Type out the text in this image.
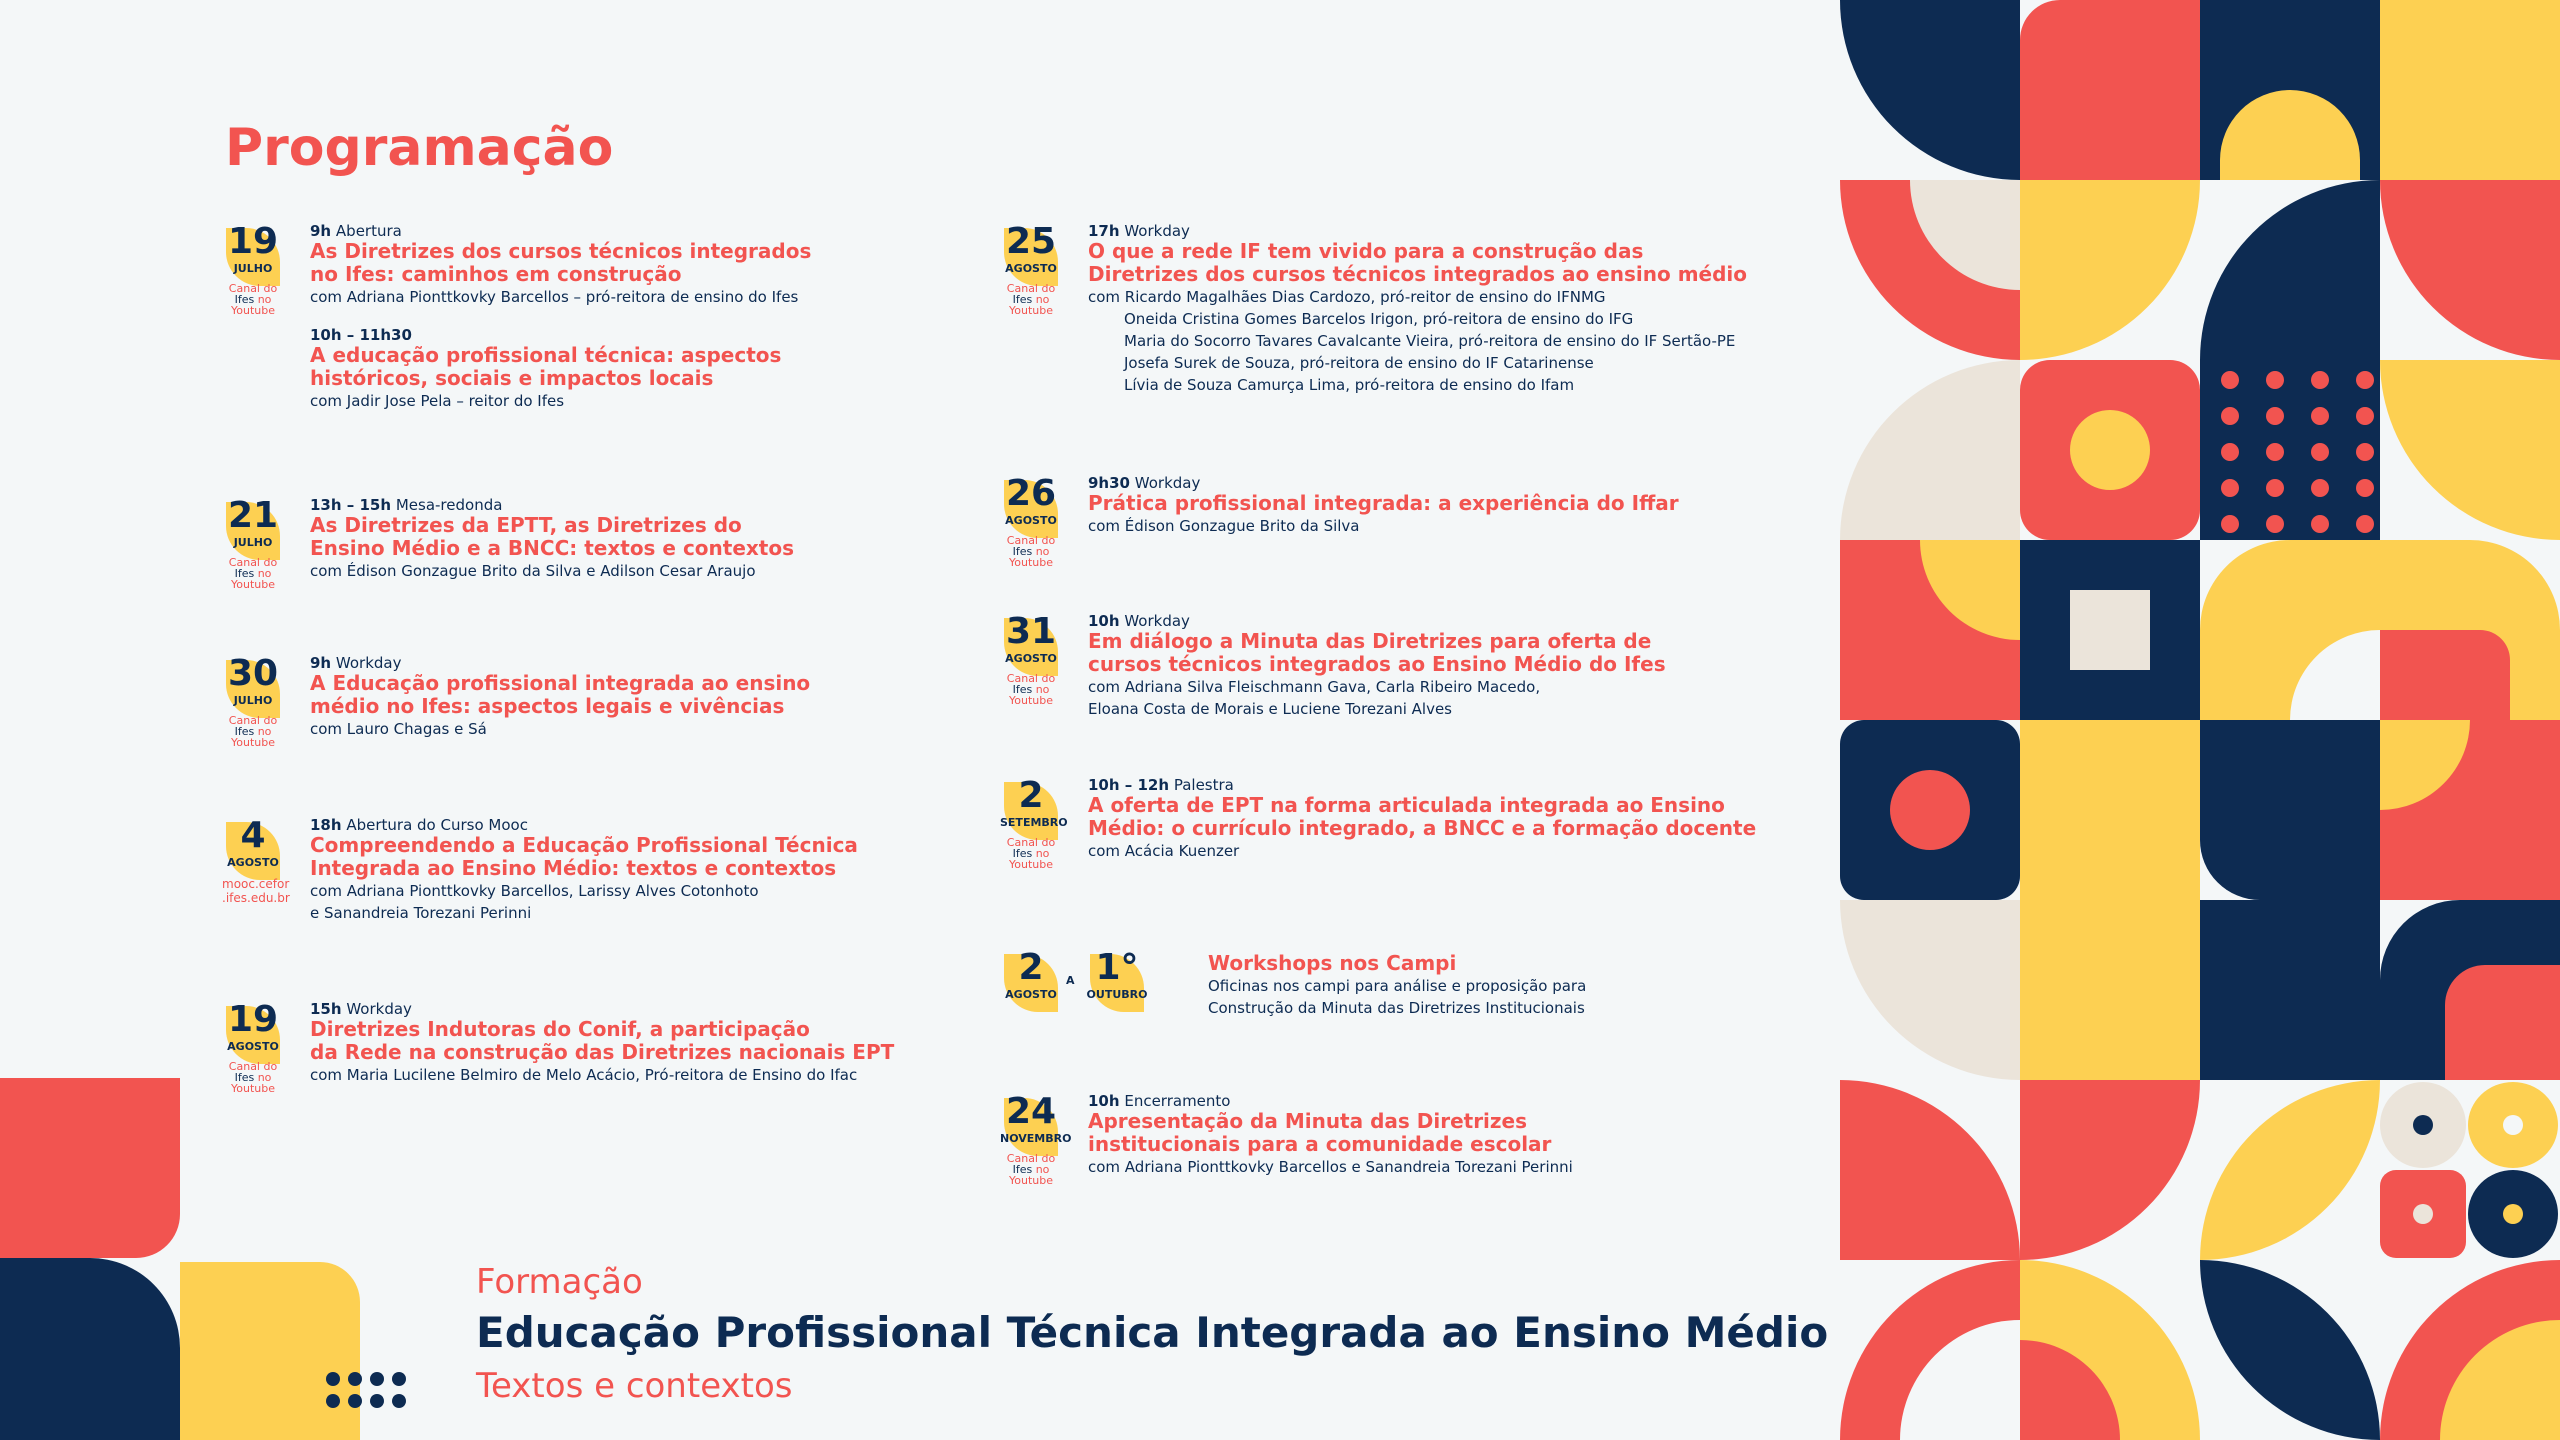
Programação
19
JULHO
Canal do
Ifes no
Youtube
9h Abertura
As Diretrizes dos cursos técnicos integrados
no Ifes: caminhos em construção
com Adriana Pionttkovky Barcellos – pró-reitora de ensino do Ifes
10h – 11h30
A educação profissional técnica: aspectos
históricos, sociais e impactos locais
com Jadir Jose Pela – reitor do Ifes
21
JULHO
Canal do
Ifes no
Youtube
13h – 15h Mesa-redonda
As Diretrizes da EPTT, as Diretrizes do
Ensino Médio e a BNCC: textos e contextos
com Édison Gonzague Brito da Silva e Adilson Cesar Araujo
30
JULHO
Canal do
Ifes no
Youtube
9h Workday
A Educação profissional integrada ao ensino
médio no Ifes: aspectos legais e vivências
com Lauro Chagas e Sá
4
AGOSTO
mooc.cefor
.ifes.edu.br
18h Abertura do Curso Mooc
Compreendendo a Educação Profissional Técnica
Integrada ao Ensino Médio: textos e contextos
com Adriana Pionttkovky Barcellos, Larissy Alves Cotonhoto
e Sanandreia Torezani Perinni
19
AGOSTO
Canal do
Ifes no
Youtube
15h Workday
Diretrizes Indutoras do Conif, a participação
da Rede na construção das Diretrizes nacionais EPT
com Maria Lucilene Belmiro de Melo Acácio, Pró-reitora de Ensino do Ifac
25
AGOSTO
Canal do
Ifes no
Youtube
17h Workday
O que a rede IF tem vivido para a construção das
Diretrizes dos cursos técnicos integrados ao ensino médio
com Ricardo Magalhães Dias Cardozo, pró-reitor de ensino do IFNMG
Oneida Cristina Gomes Barcelos Irigon, pró-reitora de ensino do IFG
Maria do Socorro Tavares Cavalcante Vieira, pró-reitora de ensino do IF Sertão-PE
Josefa Surek de Souza, pró-reitora de ensino do IF Catarinense
Lívia de Souza Camurça Lima, pró-reitora de ensino do Ifam
26
AGOSTO
Canal do
Ifes no
Youtube
9h30 Workday
Prática profissional integrada: a experiência do Iffar
com Édison Gonzague Brito da Silva
31
AGOSTO
Canal do
Ifes no
Youtube
10h Workday
Em diálogo a Minuta das Diretrizes para oferta de
cursos técnicos integrados ao Ensino Médio do Ifes
com Adriana Silva Fleischmann Gava, Carla Ribeiro Macedo,
Eloana Costa de Morais e Luciene Torezani Alves
2
SETEMBRO
Canal do
Ifes no
Youtube
10h – 12h Palestra
A oferta de EPT na forma articulada integrada ao Ensino
Médio: o currículo integrado, a BNCC e a formação docente
com Acácia Kuenzer
24
NOVEMBRO
Canal do
Ifes no
Youtube
10h Encerramento
Apresentação da Minuta das Diretrizes
institucionais para a comunidade escolar
com Adriana Pionttkovky Barcellos e Sanandreia Torezani Perinni
2
AGOSTO
A 1°
OUTUBRO
Workshops nos Campi
Oficinas nos campi para análise e proposição para
Construção da Minuta das Diretrizes Institucionais
Formação
Educação Profissional Técnica Integrada ao Ensino Médio
Textos e contextos
